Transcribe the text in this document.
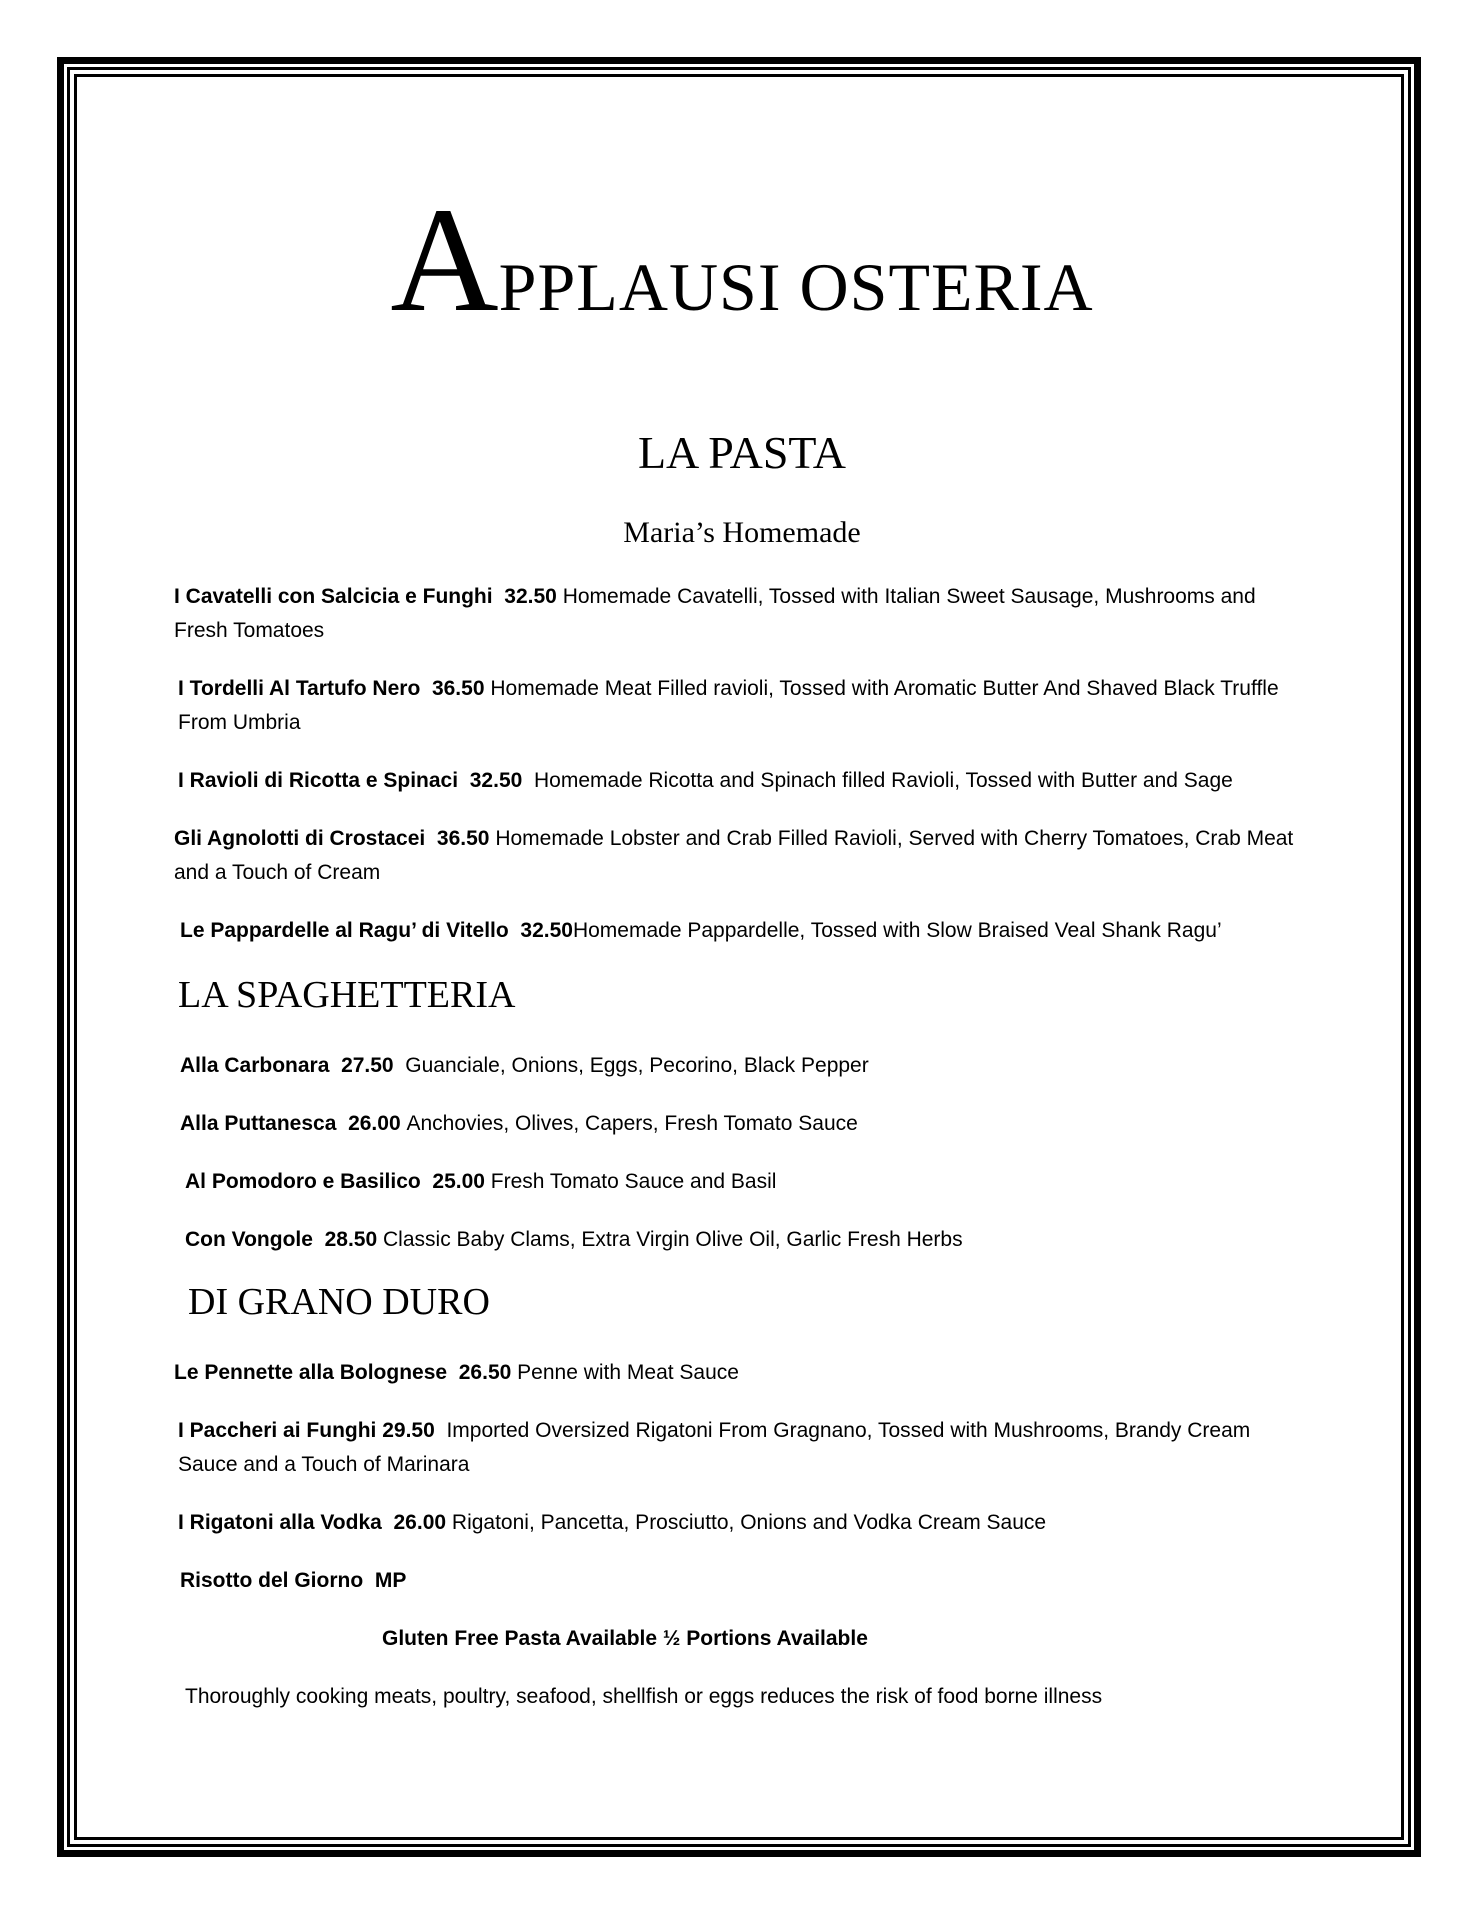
APPLAUSI OSTERIA
LA PASTA
Maria’s Homemade
I Cavatelli con Salcicia e Funghi 32.50 Homemade Cavatelli, Tossed with Italian Sweet Sausage, Mushrooms and Fresh Tomatoes
I Tordelli Al Tartufo Nero 36.50 Homemade Meat Filled ravioli, Tossed with Aromatic Butter And Shaved Black Truffle From Umbria
I Ravioli di Ricotta e Spinaci 32.50 Homemade Ricotta and Spinach filled Ravioli, Tossed with Butter and Sage
Gli Agnolotti di Crostacei 36.50 Homemade Lobster and Crab Filled Ravioli, Served with Cherry Tomatoes, Crab Meat and a Touch of Cream
Le Pappardelle al Ragu’ di Vitello 32.50Homemade Pappardelle, Tossed with Slow Braised Veal Shank Ragu’
LA SPAGHETTERIA
Alla Carbonara 27.50 Guanciale, Onions, Eggs, Pecorino, Black Pepper
Alla Puttanesca 26.00 Anchovies, Olives, Capers, Fresh Tomato Sauce
Al Pomodoro e Basilico 25.00 Fresh Tomato Sauce and Basil
Con Vongole 28.50 Classic Baby Clams, Extra Virgin Olive Oil, Garlic Fresh Herbs
DI GRANO DURO
Le Pennette alla Bolognese 26.50 Penne with Meat Sauce
I Paccheri ai Funghi 29.50 Imported Oversized Rigatoni From Gragnano, Tossed with Mushrooms, Brandy Cream Sauce and a Touch of Marinara
I Rigatoni alla Vodka 26.00 Rigatoni, Pancetta, Prosciutto, Onions and Vodka Cream Sauce
Risotto del Giorno MP
Gluten Free Pasta Available ½ Portions Available
Thoroughly cooking meats, poultry, seafood, shellfish or eggs reduces the risk of food borne illness
